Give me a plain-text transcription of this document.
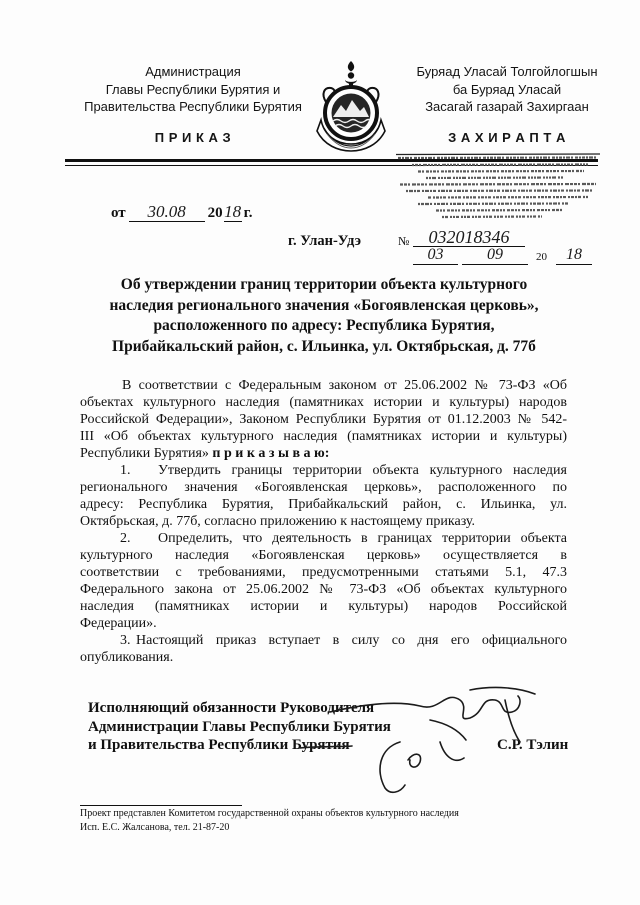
Администрация
Главы Республики Бурятия и
Правительства Республики Бурятия
П Р И К А З
Буряад Уласай Толгойлогшын
ба Буряад Уласай
Засагай газарай Захиргаан
З А Х И Р А П Т А
от 30.08 2018 г.
г. Улан-Удэ	№	032018346
03	09	20	18
Об утверждении границ территории объекта культурного
наследия регионального значения «Богоявленская церковь»,
расположенного по адресу: Республика Бурятия,
Прибайкальский район, с. Ильинка, ул. Октябрьская, д. 77б
В соответствии с Федеральным законом от 25.06.2002 № 73-ФЗ «Об
объектах культурного наследия (памятниках истории и культуры) народов
Российской Федерации», Законом Республики Бурятия от 01.12.2003 № 542-
III «Об объектах культурного наследия (памятниках истории и культуры)
Республики Бурятия» п р и к а з ы в а ю:
1.	Утвердить границы территории объекта культурного наследия
регионального значения «Богоявленская церковь», расположенного по
адресу: Республика Бурятия, Прибайкальский район, с. Ильинка, ул.
Октябрьская, д. 77б, согласно приложению к настоящему приказу.
2.	Определить, что деятельность в границах территории объекта
культурного наследия «Богоявленская церковь» осуществляется в
соответствии с требованиями, предусмотренными статьями 5.1, 47.3
Федерального закона от 25.06.2002 № 73-ФЗ «Об объектах культурного
наследия (памятниках истории и культуры) народов Российской
Федерации».
3. Настоящий приказ вступает в силу со дня его официального
опубликования.
Исполняющий обязанности Руководителя
Администрации Главы Республики Бурятия
и Правительства Республики Бурятия	С.Р. Тэлин
Проект представлен Комитетом государственной охраны объектов культурного наследия
Исп. Е.С. Жалсанова, тел. 21-87-20
